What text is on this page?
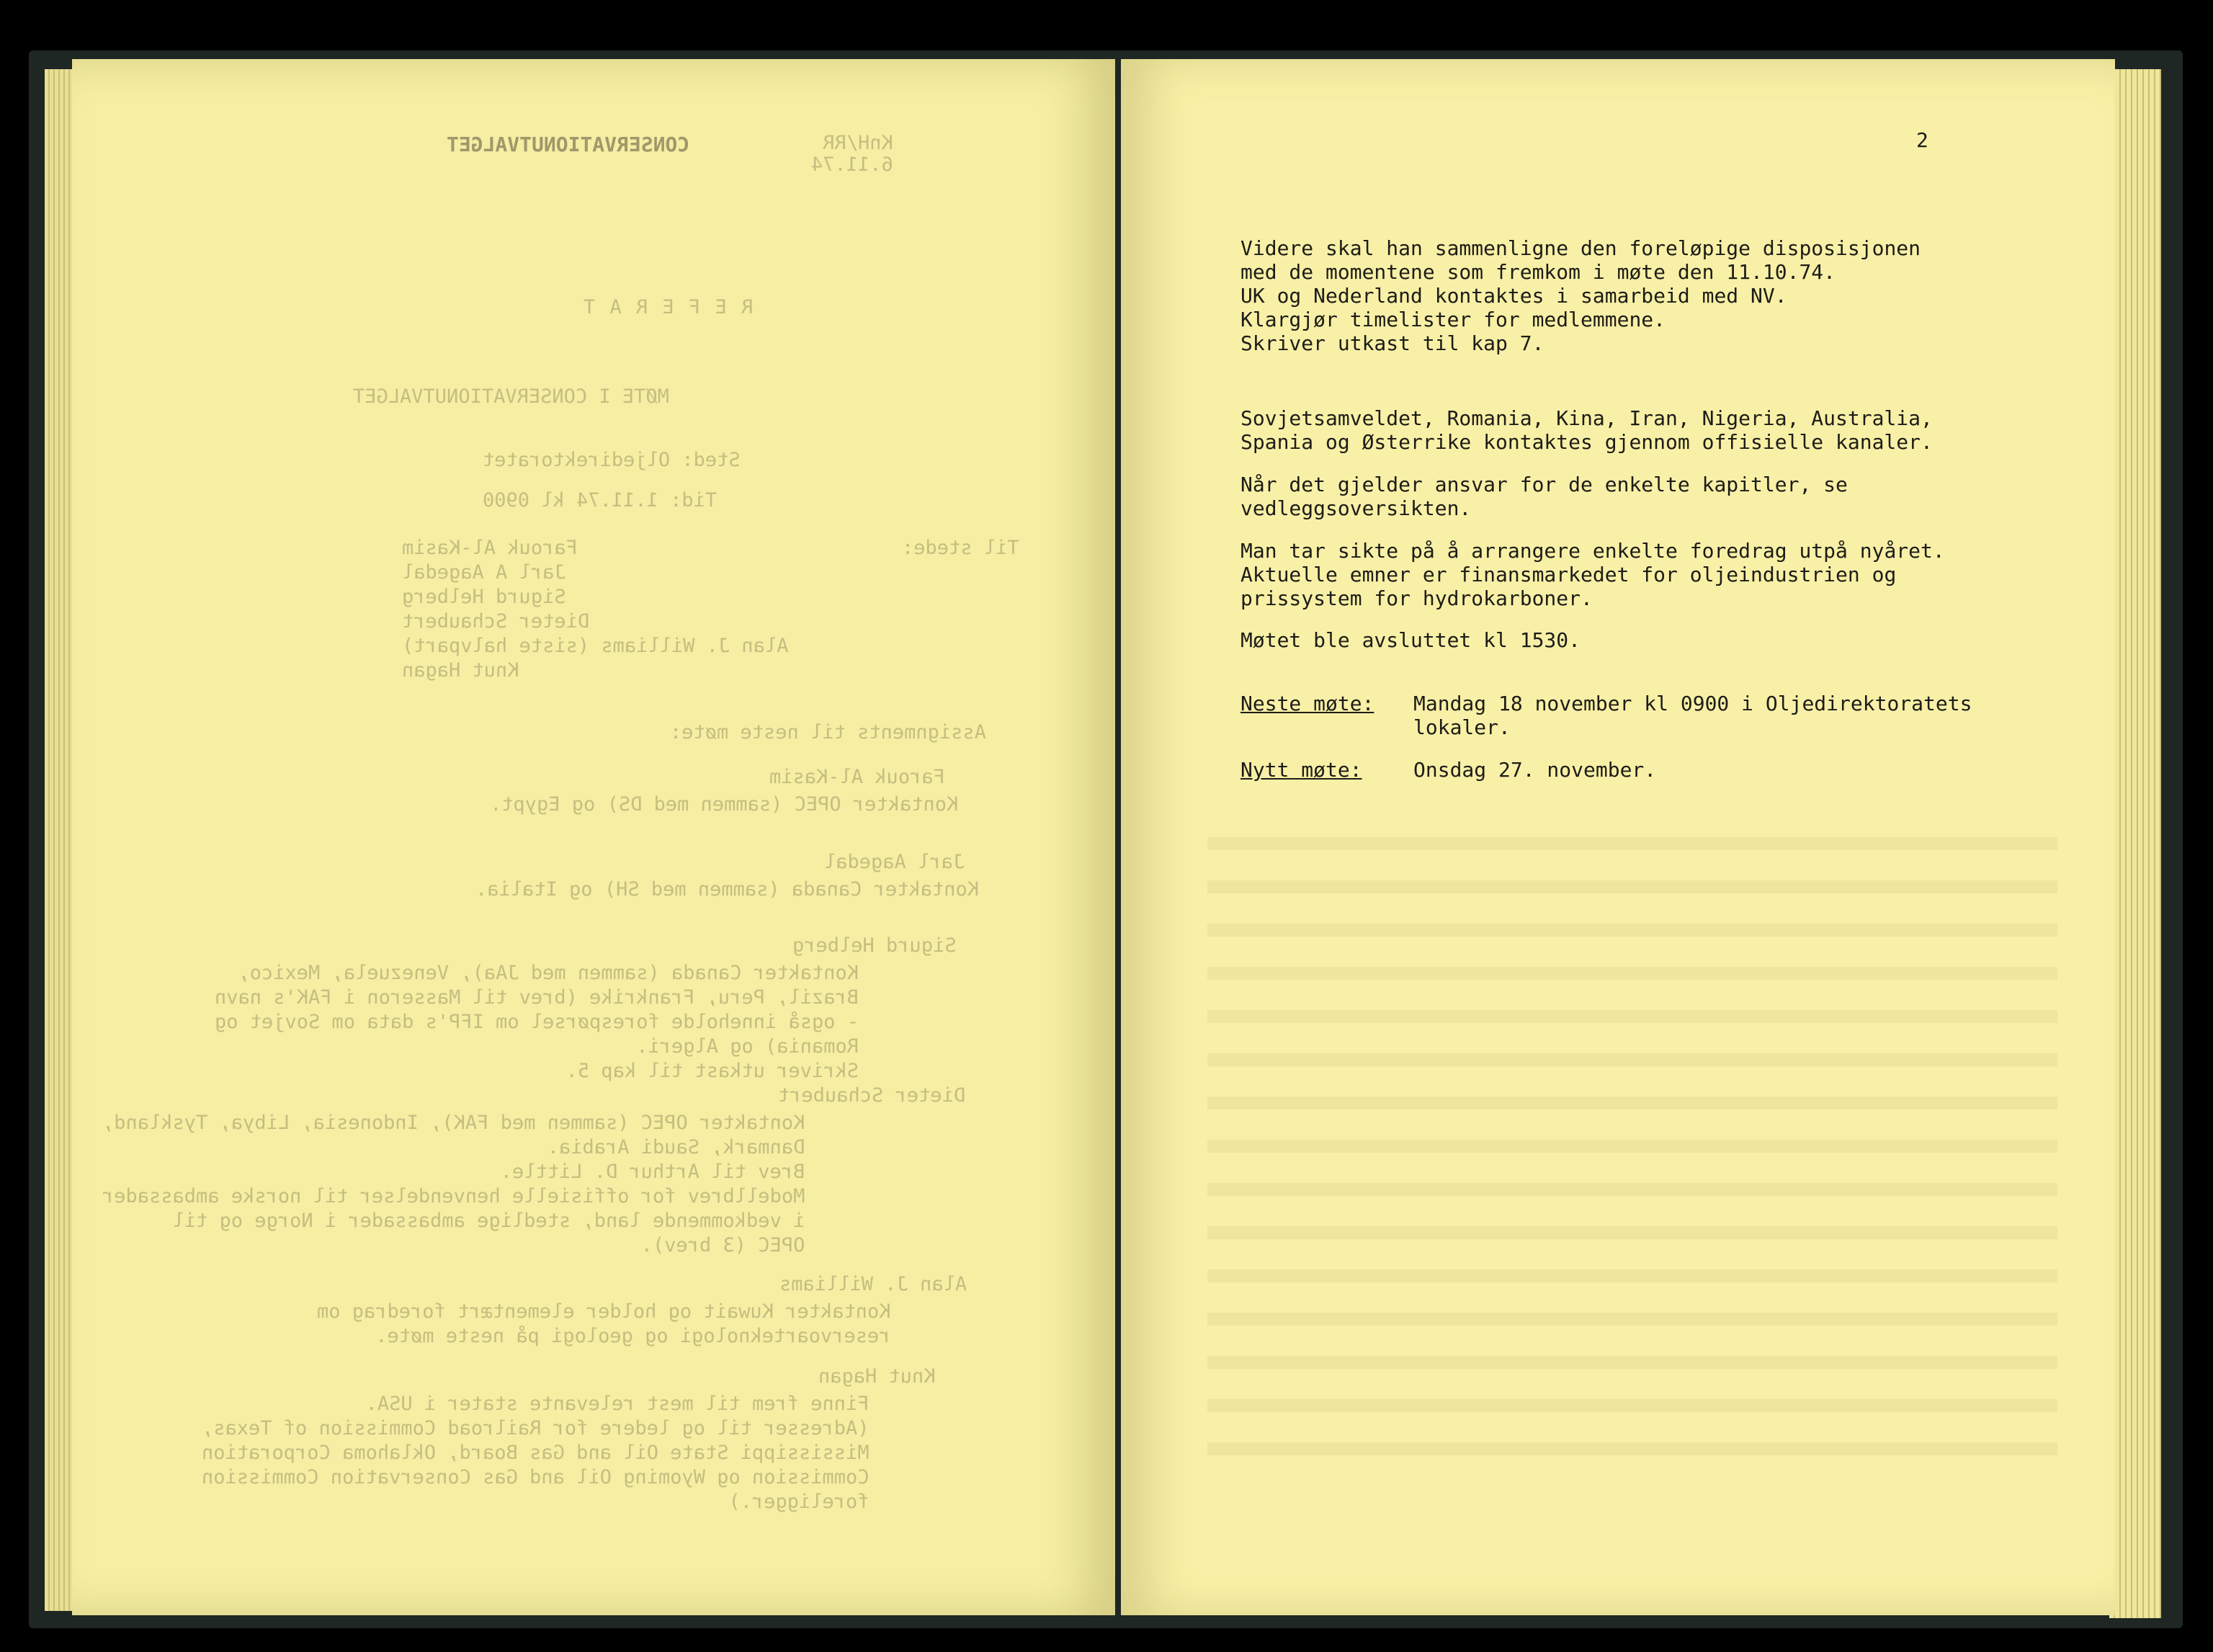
KnH/RR
6.11.74
CONSERVATIONUTVALGET
R E F E R A T
MØTE I CONSERVATIONUTVALGET
Sted: Oljedirektoratet
Tid: 1.11.74 kl 0900
Til stede:
Farouk Al-Kasim
Jarl A Aagedal
Sigurd Helberg
Dieter Schaubert
Alan J. Williams (siste halvpart)
Knut Hagan
Assignments til neste møte:
Farouk Al-Kasim
Kontakter OPEC (sammen med DS) og Egypt.
Jarl Aagedal
Kontakter Canada (sammen med SH) og Italia.
Sigurd Helberg
Kontakter Canada (sammen med JAa), Venezuela, Mexico,
Brazil, Peru, Frankrike (brev til Masseron i FAK's navn
- også inneholde forespørsel om IFP's data om Sovjet og
Romania) og Algeri.
Skriver utkast til kap 5.
Dieter Schaubert
Kontakter OPEC (sammen med FAK), Indonesia, Libya, Tyskland,
Danmark, Saudi Arabia.
Brev til Arthur D. Little.
Modellbrev for offisielle henvendelser til norske ambassader
i vedkommende land, stedlige ambassader i Norge og til
OPEC (3 brev).
Alan J. Williams
Kontakter Kuwait og holder elementært foredrag om
reservoarteknologi og geologi på neste møte.
Knut Hagan
Finne frem til mest relevante stater i USA.
(Adresser til og ledere for Railroad Commission of Texas,
Mississippi State Oil and Gas Board, Oklahoma Corporation
Commission og Wyoming Oil and Gas Conservation Commission
foreligger.)
2
Videre skal han sammenligne den foreløpige disposisjonen
med de momentene som fremkom i møte den 11.10.74.
UK og Nederland kontaktes i samarbeid med NV.
Klargjør timelister for medlemmene.
Skriver utkast til kap 7.
Sovjetsamveldet, Romania, Kina, Iran, Nigeria, Australia,
Spania og Østerrike kontaktes gjennom offisielle kanaler.
Når det gjelder ansvar for de enkelte kapitler, se
vedleggsoversikten.
Man tar sikte på å arrangere enkelte foredrag utpå nyåret.
Aktuelle emner er finansmarkedet for oljeindustrien og
prissystem for hydrokarboner.
Møtet ble avsluttet kl 1530.
Neste møte: Mandag 18 november kl 0900 i Oljedirektoratets
lokaler.
Nytt møte:	Onsdag 27. november.
